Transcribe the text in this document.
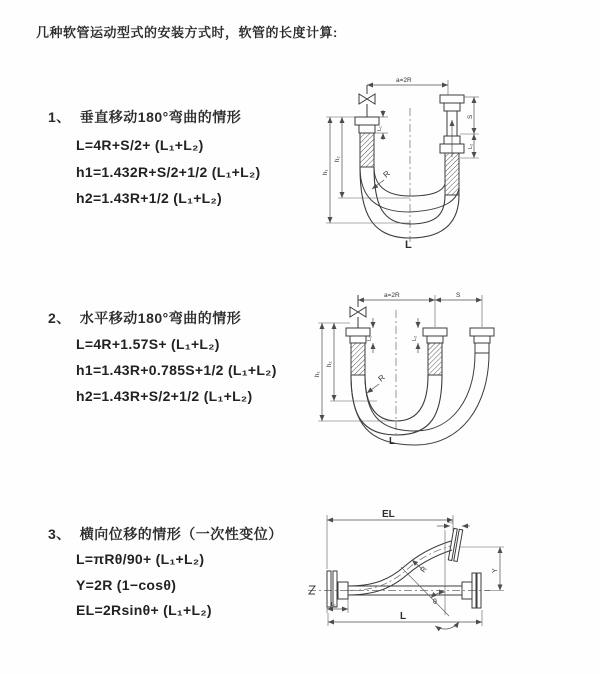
几种软管运动型式的安装方式时，软管的长度计算:
1、 垂直移动180°弯曲的情形
L=4R+S/2+ (L₁+L₂)
h1=1.432R+S/2+1/2 (L₁+L₂)
h2=1.43R+1/2 (L₁+L₂)
2、 水平移动180°弯曲的情形
L=4R+1.57S+ (L₁+L₂)
h1=1.43R+0.785S+1/2 (L₁+L₂)
h2=1.43R+S/2+1/2 (L₁+L₂)
3、 横向位移的情形（一次性变位）
L=πRθ/90+ (L₁+L₂)
Y=2R (1−cosθ)
EL=2Rsinθ+ (L₁+L₂)
a=2R
R
L
h₁
h₂
L₁
S
L₂
a=2R	S
R
L
h₁
h₂
L₁	L₂
EL
L₂
R
θ
Y
L₁
L
